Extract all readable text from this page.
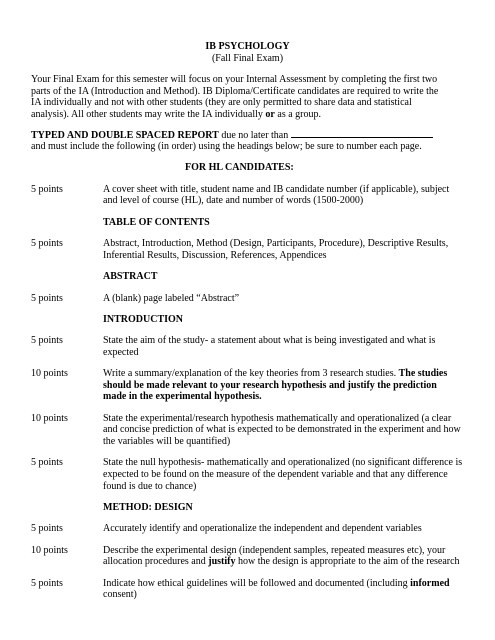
IB PSYCHOLOGY
(Fall Final Exam)
Your Final Exam for this semester will focus on your Internal Assessment by completing the first two
parts of the IA (Introduction and Method). IB Diploma/Certificate candidates are required to write the
IA individually and not with other students (they are only permitted to share data and statistical
analysis). All other students may write the IA individually or as a group.
TYPED AND DOUBLE SPACED REPORT due no later than
and must include the following (in order) using the headings below; be sure to number each page.
FOR HL CANDIDATES:
5 points	A cover sheet with title, student name and IB candidate number (if applicable), subject
and level of course (HL), date and number of words (1500-2000)
TABLE OF CONTENTS
5 points	Abstract, Introduction, Method (Design, Participants, Procedure), Descriptive Results,
Inferential Results, Discussion, References, Appendices
ABSTRACT
5 points	A (blank) page labeled “Abstract”
INTRODUCTION
5 points	State the aim of the study- a statement about what is being investigated and what is
expected
10 points	Write a summary/explanation of the key theories from 3 research studies. The studies
should be made relevant to your research hypothesis and justify the prediction
made in the experimental hypothesis.
10 points	State the experimental/research hypothesis mathematically and operationalized (a clear
and concise prediction of what is expected to be demonstrated in the experiment and how
the variables will be quantified)
5 points	State the null hypothesis- mathematically and operationalized (no significant difference is
expected to be found on the measure of the dependent variable and that any difference
found is due to chance)
METHOD: DESIGN
5 points	Accurately identify and operationalize the independent and dependent variables
10 points	Describe the experimental design (independent samples, repeated measures etc), your
allocation procedures and justify how the design is appropriate to the aim of the research
5 points	Indicate how ethical guidelines will be followed and documented (including informed
consent)
